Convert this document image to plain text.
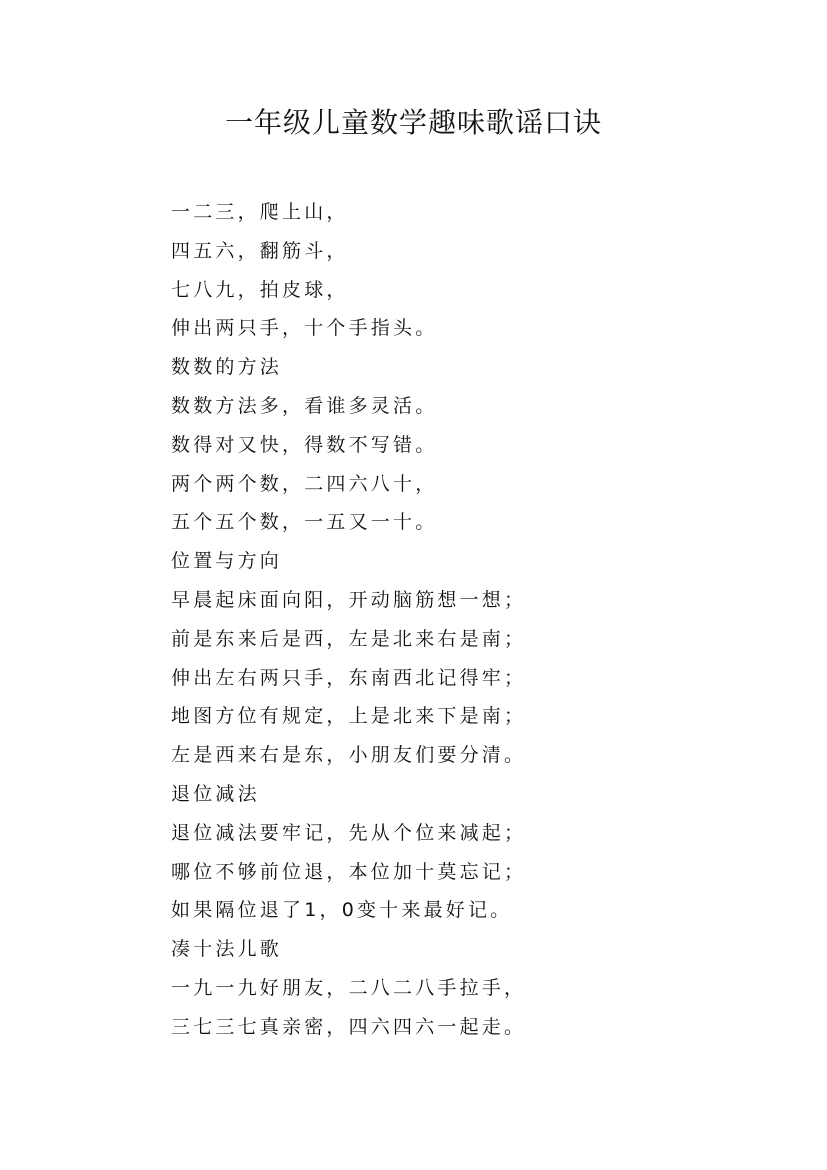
一年级儿童数学趣味歌谣口诀
一二三，爬上山，
四五六，翻筋斗，
七八九，拍皮球，
伸出两只手，十个手指头。
数数的方法
数数方法多，看谁多灵活。
数得对又快，得数不写错。
两个两个数，二四六八十，
五个五个数，一五又一十。
位置与方向
早晨起床面向阳，开动脑筋想一想；
前是东来后是西，左是北来右是南；
伸出左右两只手，东南西北记得牢；
地图方位有规定，上是北来下是南；
左是西来右是东，小朋友们要分清。
退位减法
退位减法要牢记，先从个位来减起；
哪位不够前位退，本位加十莫忘记；
如果隔位退了1，0变十来最好记。
凑十法儿歌
一九一九好朋友，二八二八手拉手，
三七三七真亲密，四六四六一起走。
